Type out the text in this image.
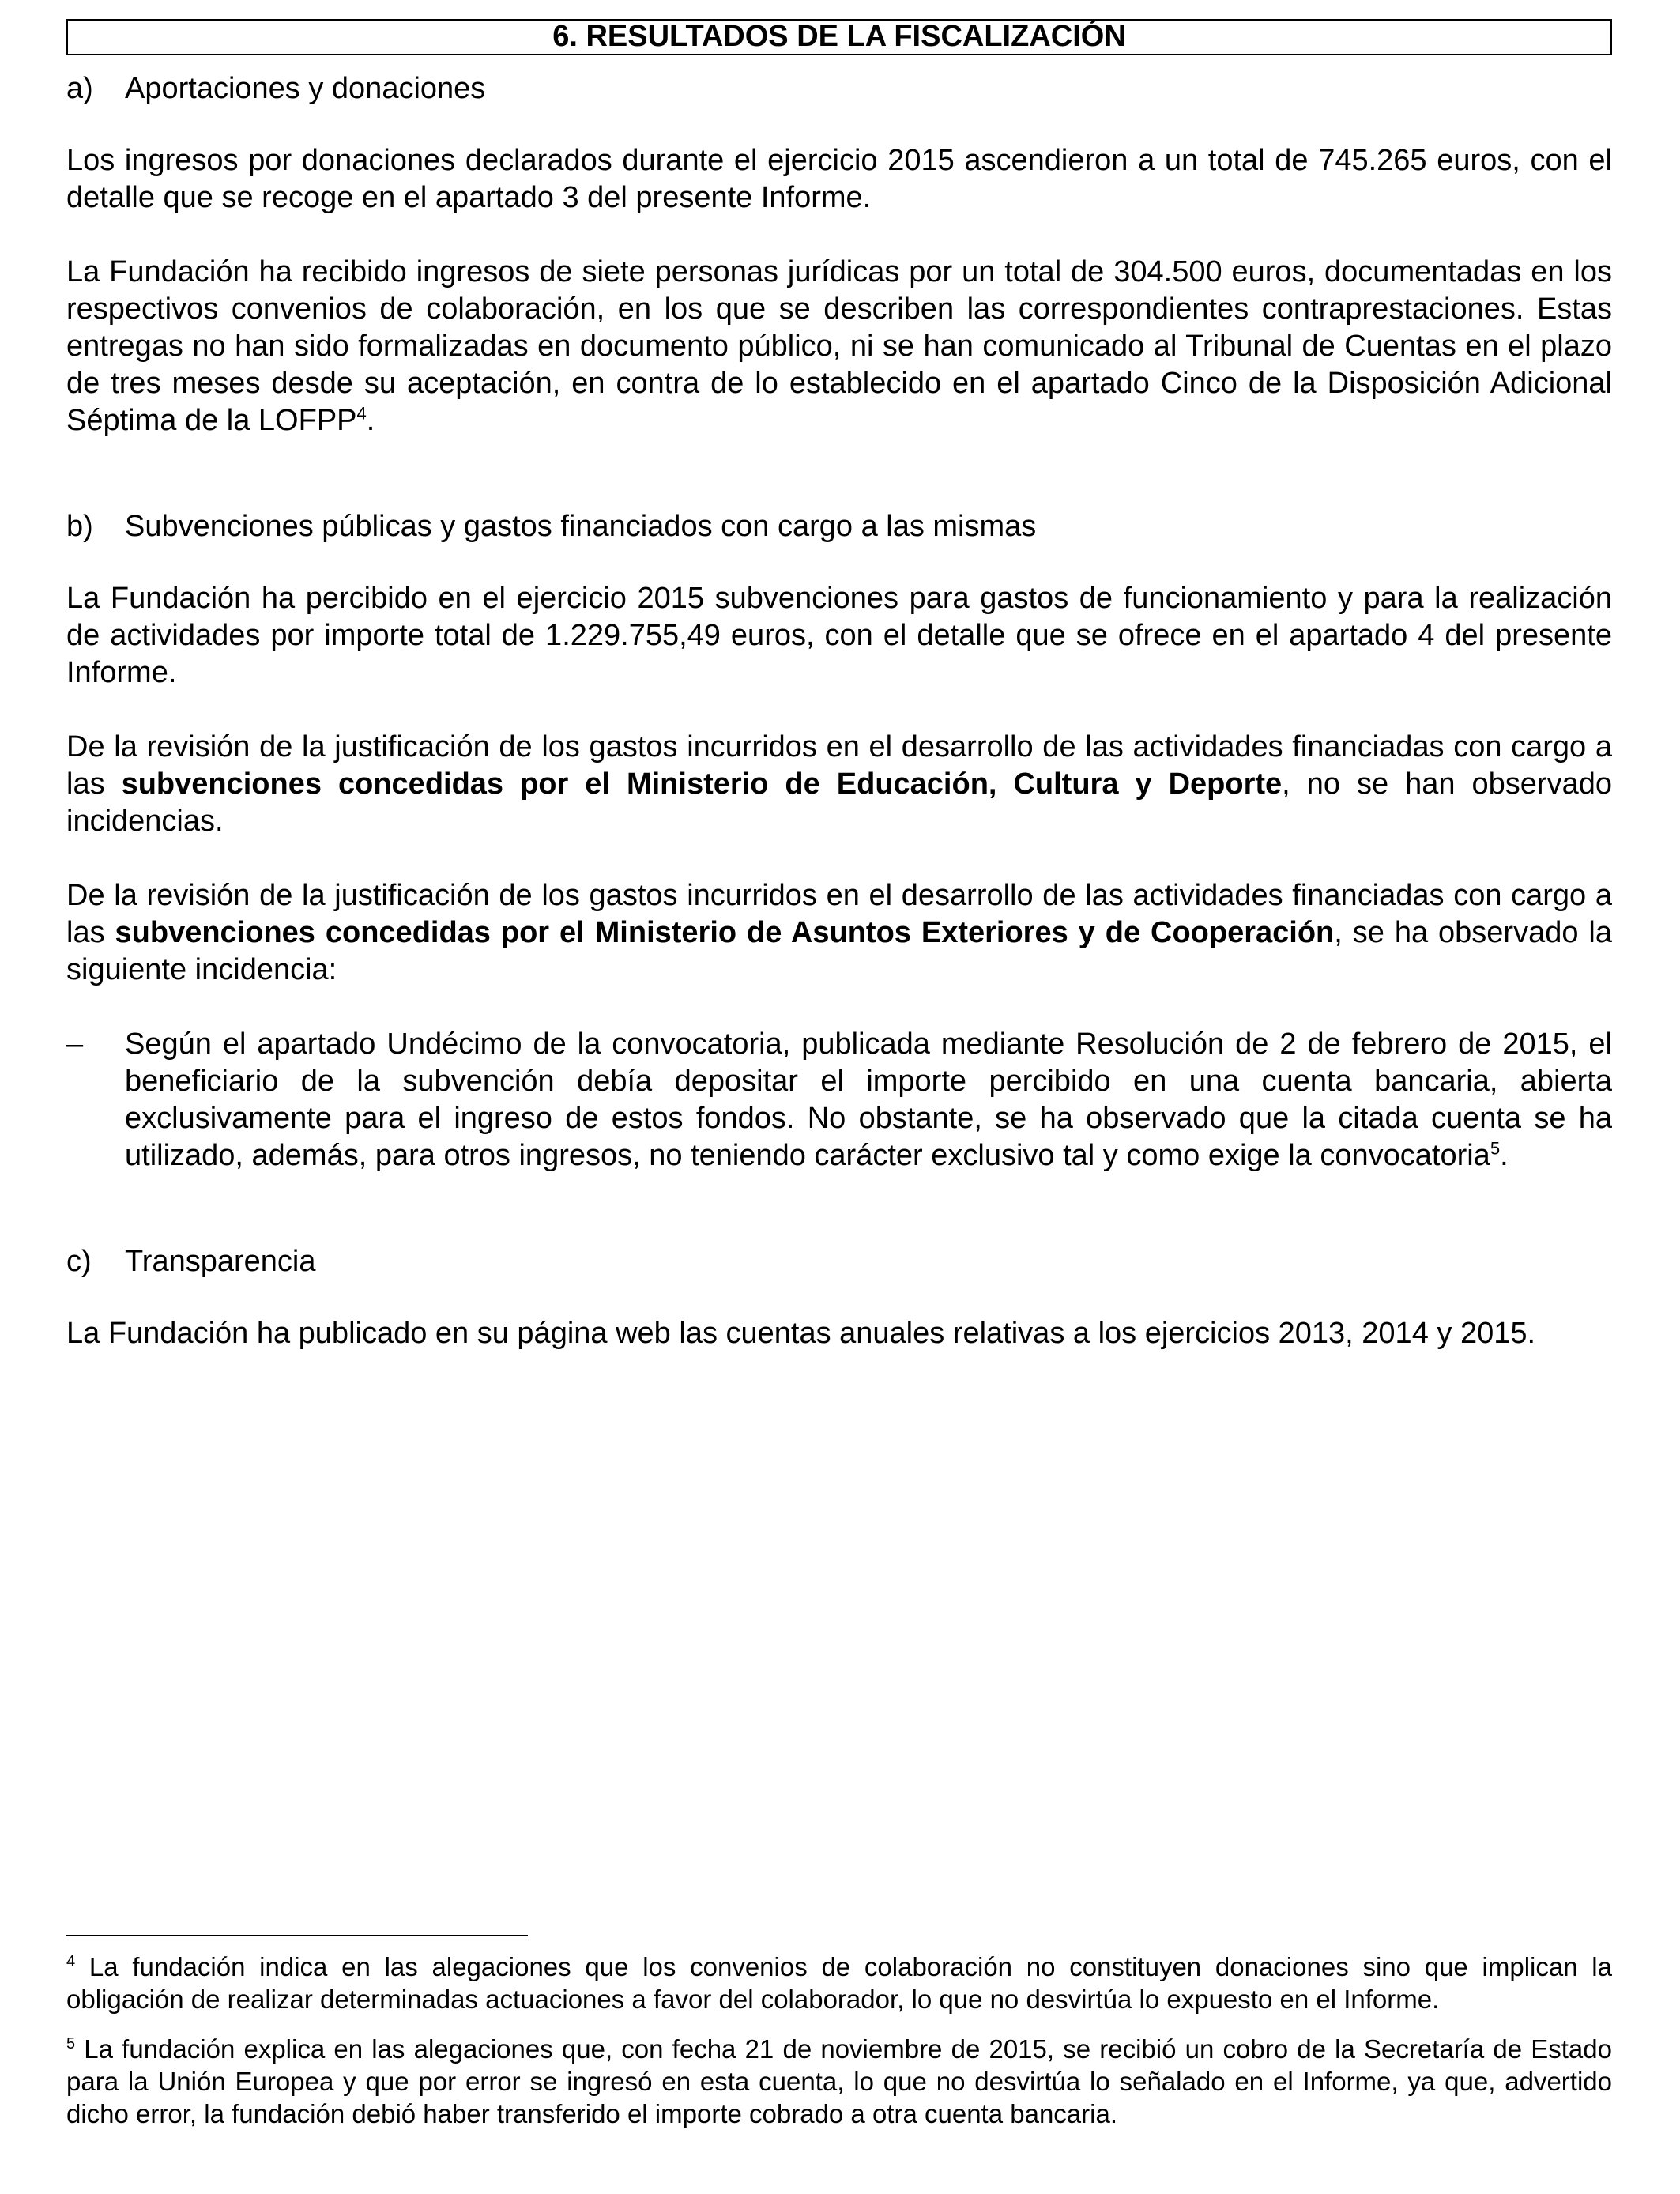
6. RESULTADOS DE LA FISCALIZACIÓN
a)	Aportaciones y donaciones

Los ingresos por donaciones declarados durante el ejercicio 2015 ascendieron a un total de 745.265 euros, con el detalle que se recoge en el apartado 3 del presente Informe.

La Fundación ha recibido ingresos de siete personas jurídicas por un total de 304.500 euros, documentadas en los respectivos convenios de colaboración, en los que se describen las correspondientes contraprestaciones. Estas entregas no han sido formalizadas en documento público, ni se han comunicado al Tribunal de Cuentas en el plazo de tres meses desde su aceptación, en contra de lo establecido en el apartado Cinco de la Disposición Adicional Séptima de la LOFPP$^4$.

b)	Subvenciones públicas y gastos financiados con cargo a las mismas

La Fundación ha percibido en el ejercicio 2015 subvenciones para gastos de funcionamiento y para la realización de actividades por importe total de 1.229.755,49 euros, con el detalle que se ofrece en el apartado 4 del presente Informe.

De la revisión de la justificación de los gastos incurridos en el desarrollo de las actividades financiadas con cargo a las subvenciones concedidas por el Ministerio de Educación, Cultura y Deporte, no se han observado incidencias.

De la revisión de la justificación de los gastos incurridos en el desarrollo de las actividades financiadas con cargo a las subvenciones concedidas por el Ministerio de Asuntos Exteriores y de Cooperación, se ha observado la siguiente incidencia:

–	Según el apartado Undécimo de la convocatoria, publicada mediante Resolución de 2 de febrero de 2015, el beneficiario de la subvención debía depositar el importe percibido en una cuenta bancaria, abierta exclusivamente para el ingreso de estos fondos. No obstante, se ha observado que la citada cuenta se ha utilizado, además, para otros ingresos, no teniendo carácter exclusivo tal y como exige la convocatoria$^5$.

c)	Transparencia

La Fundación ha publicado en su página web las cuentas anuales relativas a los ejercicios 2013, 2014 y 2015.

$^4$ La fundación indica en las alegaciones que los convenios de colaboración no constituyen donaciones sino que implican la obligación de realizar determinadas actuaciones a favor del colaborador, lo que no desvirtúa lo expuesto en el Informe.

$^5$ La fundación explica en las alegaciones que, con fecha 21 de noviembre de 2015, se recibió un cobro de la Secretaría de Estado para la Unión Europea y que por error se ingresó en esta cuenta, lo que no desvirtúa lo señalado en el Informe, ya que, advertido dicho error, la fundación debió haber transferido el importe cobrado a otra cuenta bancaria.
